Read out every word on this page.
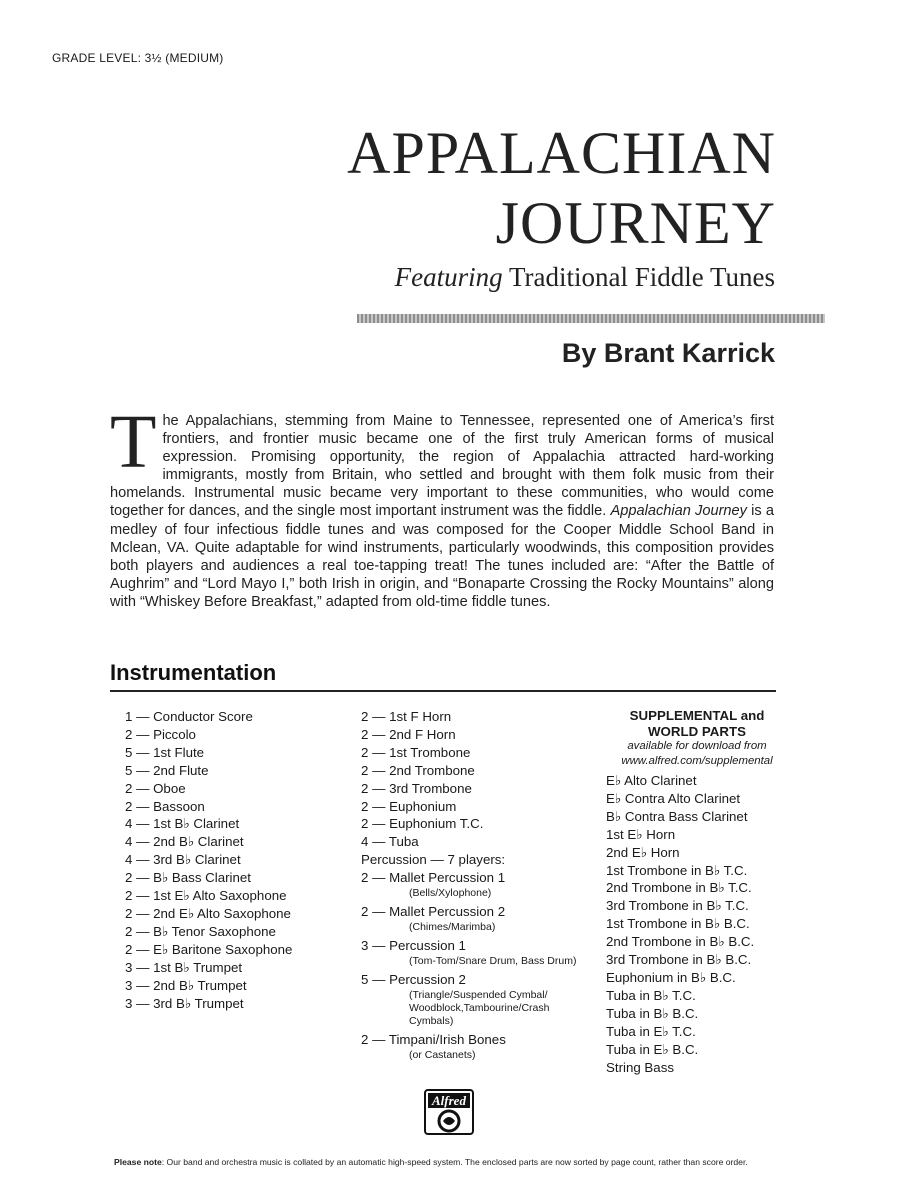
GRADE LEVEL: 3½ (MEDIUM)
APPALACHIAN
JOURNEY
Featuring Traditional Fiddle Tunes
By Brant Karrick
The Appalachians, stemming from Maine to Tennessee, represented one of America’s first frontiers, and frontier music became one of the first truly American forms of musical expression. Promising opportunity, the region of Appalachia attracted hard-working immigrants, mostly from Britain, who settled and brought with them folk music from their homelands. Instrumental music became very important to these communities, who would come together for dances, and the single most important instrument was the fiddle. Appalachian Journey is a medley of four infectious fiddle tunes and was composed for the Cooper Middle School Band in Mclean, VA. Quite adaptable for wind instruments, particularly woodwinds, this composition provides both players and audiences a real toe-tapping treat! The tunes included are: “After the Battle of Aughrim” and “Lord Mayo I,” both Irish in origin, and “Bonaparte Crossing the Rocky Mountains” along with “Whiskey Before Breakfast,” adapted from old-time fiddle tunes.
Instrumentation
1 — Conductor Score
2 — Piccolo
5 — 1st Flute
5 — 2nd Flute
2 — Oboe
2 — Bassoon
4 — 1st B♭ Clarinet
4 — 2nd B♭ Clarinet
4 — 3rd B♭ Clarinet
2 — B♭ Bass Clarinet
2 — 1st E♭ Alto Saxophone
2 — 2nd E♭ Alto Saxophone
2 — B♭ Tenor Saxophone
2 — E♭ Baritone Saxophone
3 — 1st B♭ Trumpet
3 — 2nd B♭ Trumpet
3 — 3rd B♭ Trumpet
2 — 1st F Horn
2 — 2nd F Horn
2 — 1st Trombone
2 — 2nd Trombone
2 — 3rd Trombone
2 — Euphonium
2 — Euphonium T.C.
4 — Tuba
Percussion — 7 players:
2 — Mallet Percussion 1
(Bells/Xylophone)
2 — Mallet Percussion 2
(Chimes/Marimba)
3 — Percussion 1
(Tom-Tom/Snare Drum, Bass Drum)
5 — Percussion 2
(Triangle/Suspended Cymbal/ Woodblock,Tambourine/Crash Cymbals)
2 — Timpani/Irish Bones
(or Castanets)
SUPPLEMENTAL and
WORLD PARTS
available for download from
www.alfred.com/supplemental
E♭ Alto Clarinet
E♭ Contra Alto Clarinet
B♭ Contra Bass Clarinet
1st E♭ Horn
2nd E♭ Horn
1st Trombone in B♭ T.C.
2nd Trombone in B♭ T.C.
3rd Trombone in B♭ T.C.
1st Trombone in B♭ B.C.
2nd Trombone in B♭ B.C.
3rd Trombone in B♭ B.C.
Euphonium in B♭ B.C.
Tuba in B♭ T.C.
Tuba in B♭ B.C.
Tuba in E♭ T.C.
Tuba in E♭ B.C.
String Bass
Alfred
Please note: Our band and orchestra music is collated by an automatic high-speed system. The enclosed parts are now sorted by page count, rather than score order.
